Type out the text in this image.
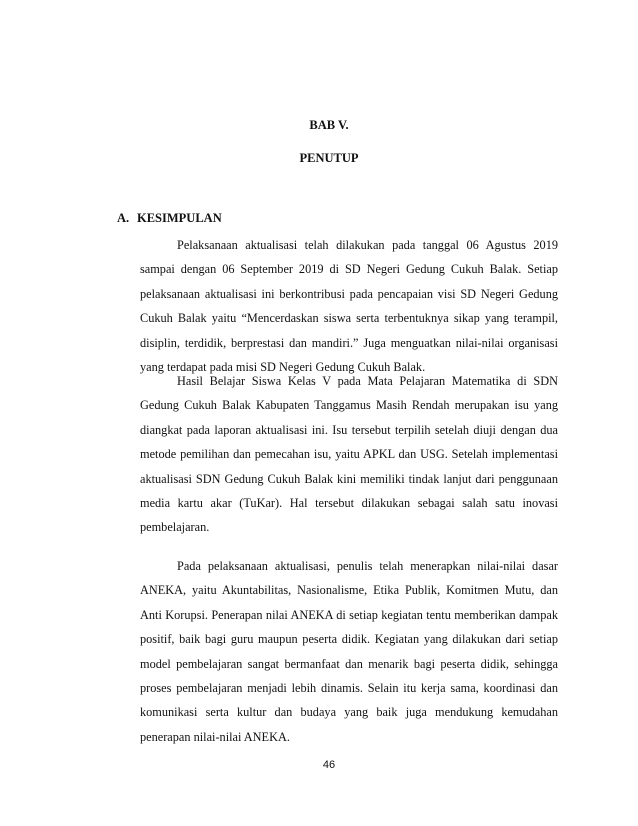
BAB V.
PENUTUP
A. KESIMPULAN

Pelaksanaan aktualisasi telah dilakukan pada tanggal 06 Agustus 2019 sampai dengan 06 September 2019 di SD Negeri Gedung Cukuh Balak. Setiap pelaksanaan aktualisasi ini berkontribusi pada pencapaian visi SD Negeri Gedung Cukuh Balak yaitu “Mencerdaskan siswa serta terbentuknya sikap yang terampil, disiplin, terdidik, berprestasi dan mandiri.” Juga menguatkan nilai-nilai organisasi yang terdapat pada misi SD Negeri Gedung Cukuh Balak.

Hasil Belajar Siswa Kelas V pada Mata Pelajaran Matematika di SDN Gedung Cukuh Balak Kabupaten Tanggamus Masih Rendah merupakan isu yang diangkat pada laporan aktualisasi ini. Isu tersebut terpilih setelah diuji dengan dua metode pemilihan dan pemecahan isu, yaitu APKL dan USG. Setelah implementasi aktualisasi SDN Gedung Cukuh Balak kini memiliki tindak lanjut dari penggunaan media kartu akar (TuKar). Hal tersebut dilakukan sebagai salah satu inovasi pembelajaran.

Pada pelaksanaan aktualisasi, penulis telah menerapkan nilai-nilai dasar ANEKA, yaitu Akuntabilitas, Nasionalisme, Etika Publik, Komitmen Mutu, dan Anti Korupsi. Penerapan nilai ANEKA di setiap kegiatan tentu memberikan dampak positif, baik bagi guru maupun peserta didik. Kegiatan yang dilakukan dari setiap model pembelajaran sangat bermanfaat dan menarik bagi peserta didik, sehingga proses pembelajaran menjadi lebih dinamis. Selain itu kerja sama, koordinasi dan komunikasi serta kultur dan budaya yang baik juga mendukung kemudahan penerapan nilai-nilai ANEKA.

46
